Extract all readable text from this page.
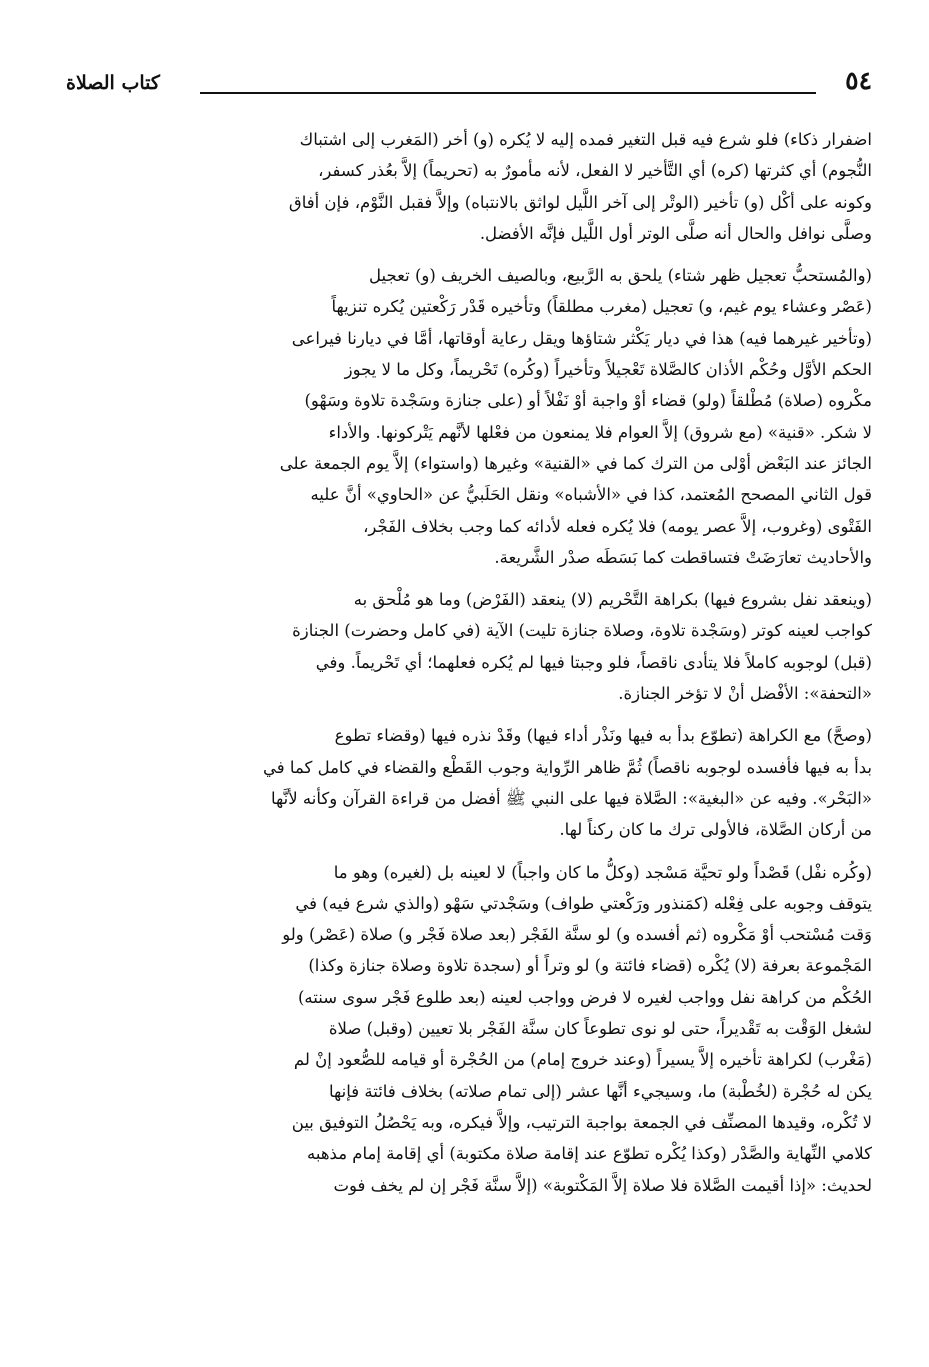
٥٤
كتاب الصلاة

اضفرار ذكاء) فلو شرع فيه قبل التغير فمده إليه لا يُكره (و) أخر (المَغرب إلى اشتباك
النُّجوم) أي كثرتها (كره) أي التَّأخير لا الفعل، لأنه مأمورٌ به (تحريماً) إلاَّ بعُذر كسفر،
وكونه على أكْل (و) تأخير (الوتْر إلى آخر اللَّيل لواثق بالانتباه) وإلاَّ فقبل النَّوْم، فإن أفاق
وصلَّى نوافل والحال أنه صلَّى الوتر أول اللَّيل فإنَّه الأفضل.

(والمُستحبُّ تعجيل ظهر شتاء) يلحق به الرَّبيع، وبالصيف الخريف (و) تعجيل
(عَصْر وعشاء يوم غيم، و) تعجيل (مغرب مطلقاً) وتأخيره قَدْر رَكْعتين يُكره تنزيهاً
(وتأخير غيرهما فيه) هذا في ديار يَكْثر شتاؤها ويقل رعاية أوقاتها، أمَّا في ديارنا فيراعى
الحكم الأوَّل وحُكْم الأذان كالصَّلاة تَعْجيلاً وتأخيراً (وكُره) تَحْريماً، وكل ما لا يجوز
مكْروه (صلاة) مُطْلقاً (ولو) قضاء أوْ واجبة أوْ نَفْلاً أو (على جنازة وسَجْدة تلاوة وسَهْو)
لا شكر. «قنية» (مع شروق) إلاَّ العوام فلا يمنعون من فعْلها لأنَّهم يَتْركونها. والأداء
الجائز عند البَعْض أوْلى من الترك كما في «القنية» وغيرها (واستواء) إلاَّ يوم الجمعة على
قول الثاني المصحح المُعتمد، كذا في «الأشباه» ونقل الحَلَبيُّ عن «الحاوي» أنَّ عليه
الفَتْوى (وغروب، إلاَّ عصر يومه) فلا يُكره فعله لأدائه كما وجب بخلاف الفَجْر،
والأحاديث تعارَضَتْ فتساقطت كما بَسَطَه صدْر الشَّريعة.

(وينعقد نفل بشروع فيها) بكراهة التَّحْريم (لا) ينعقد (الفَرْض) وما هو مُلْحق به
كواجب لعينه كوتر (وسَجْدة تلاوة، وصلاة جنازة تليت) الآية (في كامل وحضرت) الجنازة
(قبل) لوجوبه كاملاً فلا يتأدى ناقصاً، فلو وجبتا فيها لم يُكره فعلهما؛ أي تَحْريماً. وفي
«التحفة»: الأفْضل أنْ لا تؤخر الجنازة.

(وصحَّ) مع الكراهة (تطوّع بدأ به فيها ونَذْر أداء فيها) وقَدْ نذره فيها (وقضاء تطوع
بدأ به فيها فأفسده لوجوبه ناقصاً) ثُمَّ ظاهر الرِّواية وجوب القَطْع والقضاء في كامل كما في
«البَحْر». وفيه عن «البغية»: الصَّلاة فيها على النبي ﷺ أفضل من قراءة القرآن وكأنه لأنَّها
من أركان الصَّلاة، فالأولى ترك ما كان ركناً لها.

(وكُره نفْل) قَصْداً ولو تحيَّة مَسْجد (وكلُّ ما كان واجباً) لا لعينه بل (لغيره) وهو ما
يتوقف وجوبه على فِعْله (كمَنذور ورَكْعتي طواف) وسَجْدتي سَهْو (والذي شرع فيه) في
وَقت مُسْتحب أوْ مَكْروه (ثم أفسده و) لو سنَّة الفَجْر (بعد صلاة فَجْر و) صلاة (عَصْر) ولو
المَجْموعة بعرفة (لا) يُكْره (قضاء فائتة و) لو وتراً أو (سجدة تلاوة وصلاة جنازة وكذا)
الحُكْم من كراهة نفل وواجب لغيره لا فرض وواجب لعينه (بعد طلوع فَجْر سوى سنته)
لشغل الوَقْت به تَقْديراً، حتى لو نوى تطوعاً كان سنَّة الفَجْر بلا تعيين (وقبل) صلاة
(مَغْرب) لكراهة تأخيره إلاَّ يسيراً (وعند خروج إمام) من الحُجْرة أو قيامه للصُّعود إنْ لم
يكن له حُجْرة (لخُطْبة) ما، وسيجيء أنَّها عشر (إلى تمام صلاته) بخلاف فائتة فإنها
لا تُكْره، وقيدها المصنِّف في الجمعة بواجبة الترتيب، وإلاَّ فيكره، وبه يَحْصُلُ التوفيق بين
كلامي النِّهاية والصَّدْر (وكذا يُكْره تطوّع عند إقامة صلاة مكتوبة) أي إقامة إمام مذهبه
لحديث: «إذا أقيمت الصَّلاة فلا صلاة إلاَّ المَكْتوبة» (إلاَّ سنَّة فَجْر إن لم يخف فوت
